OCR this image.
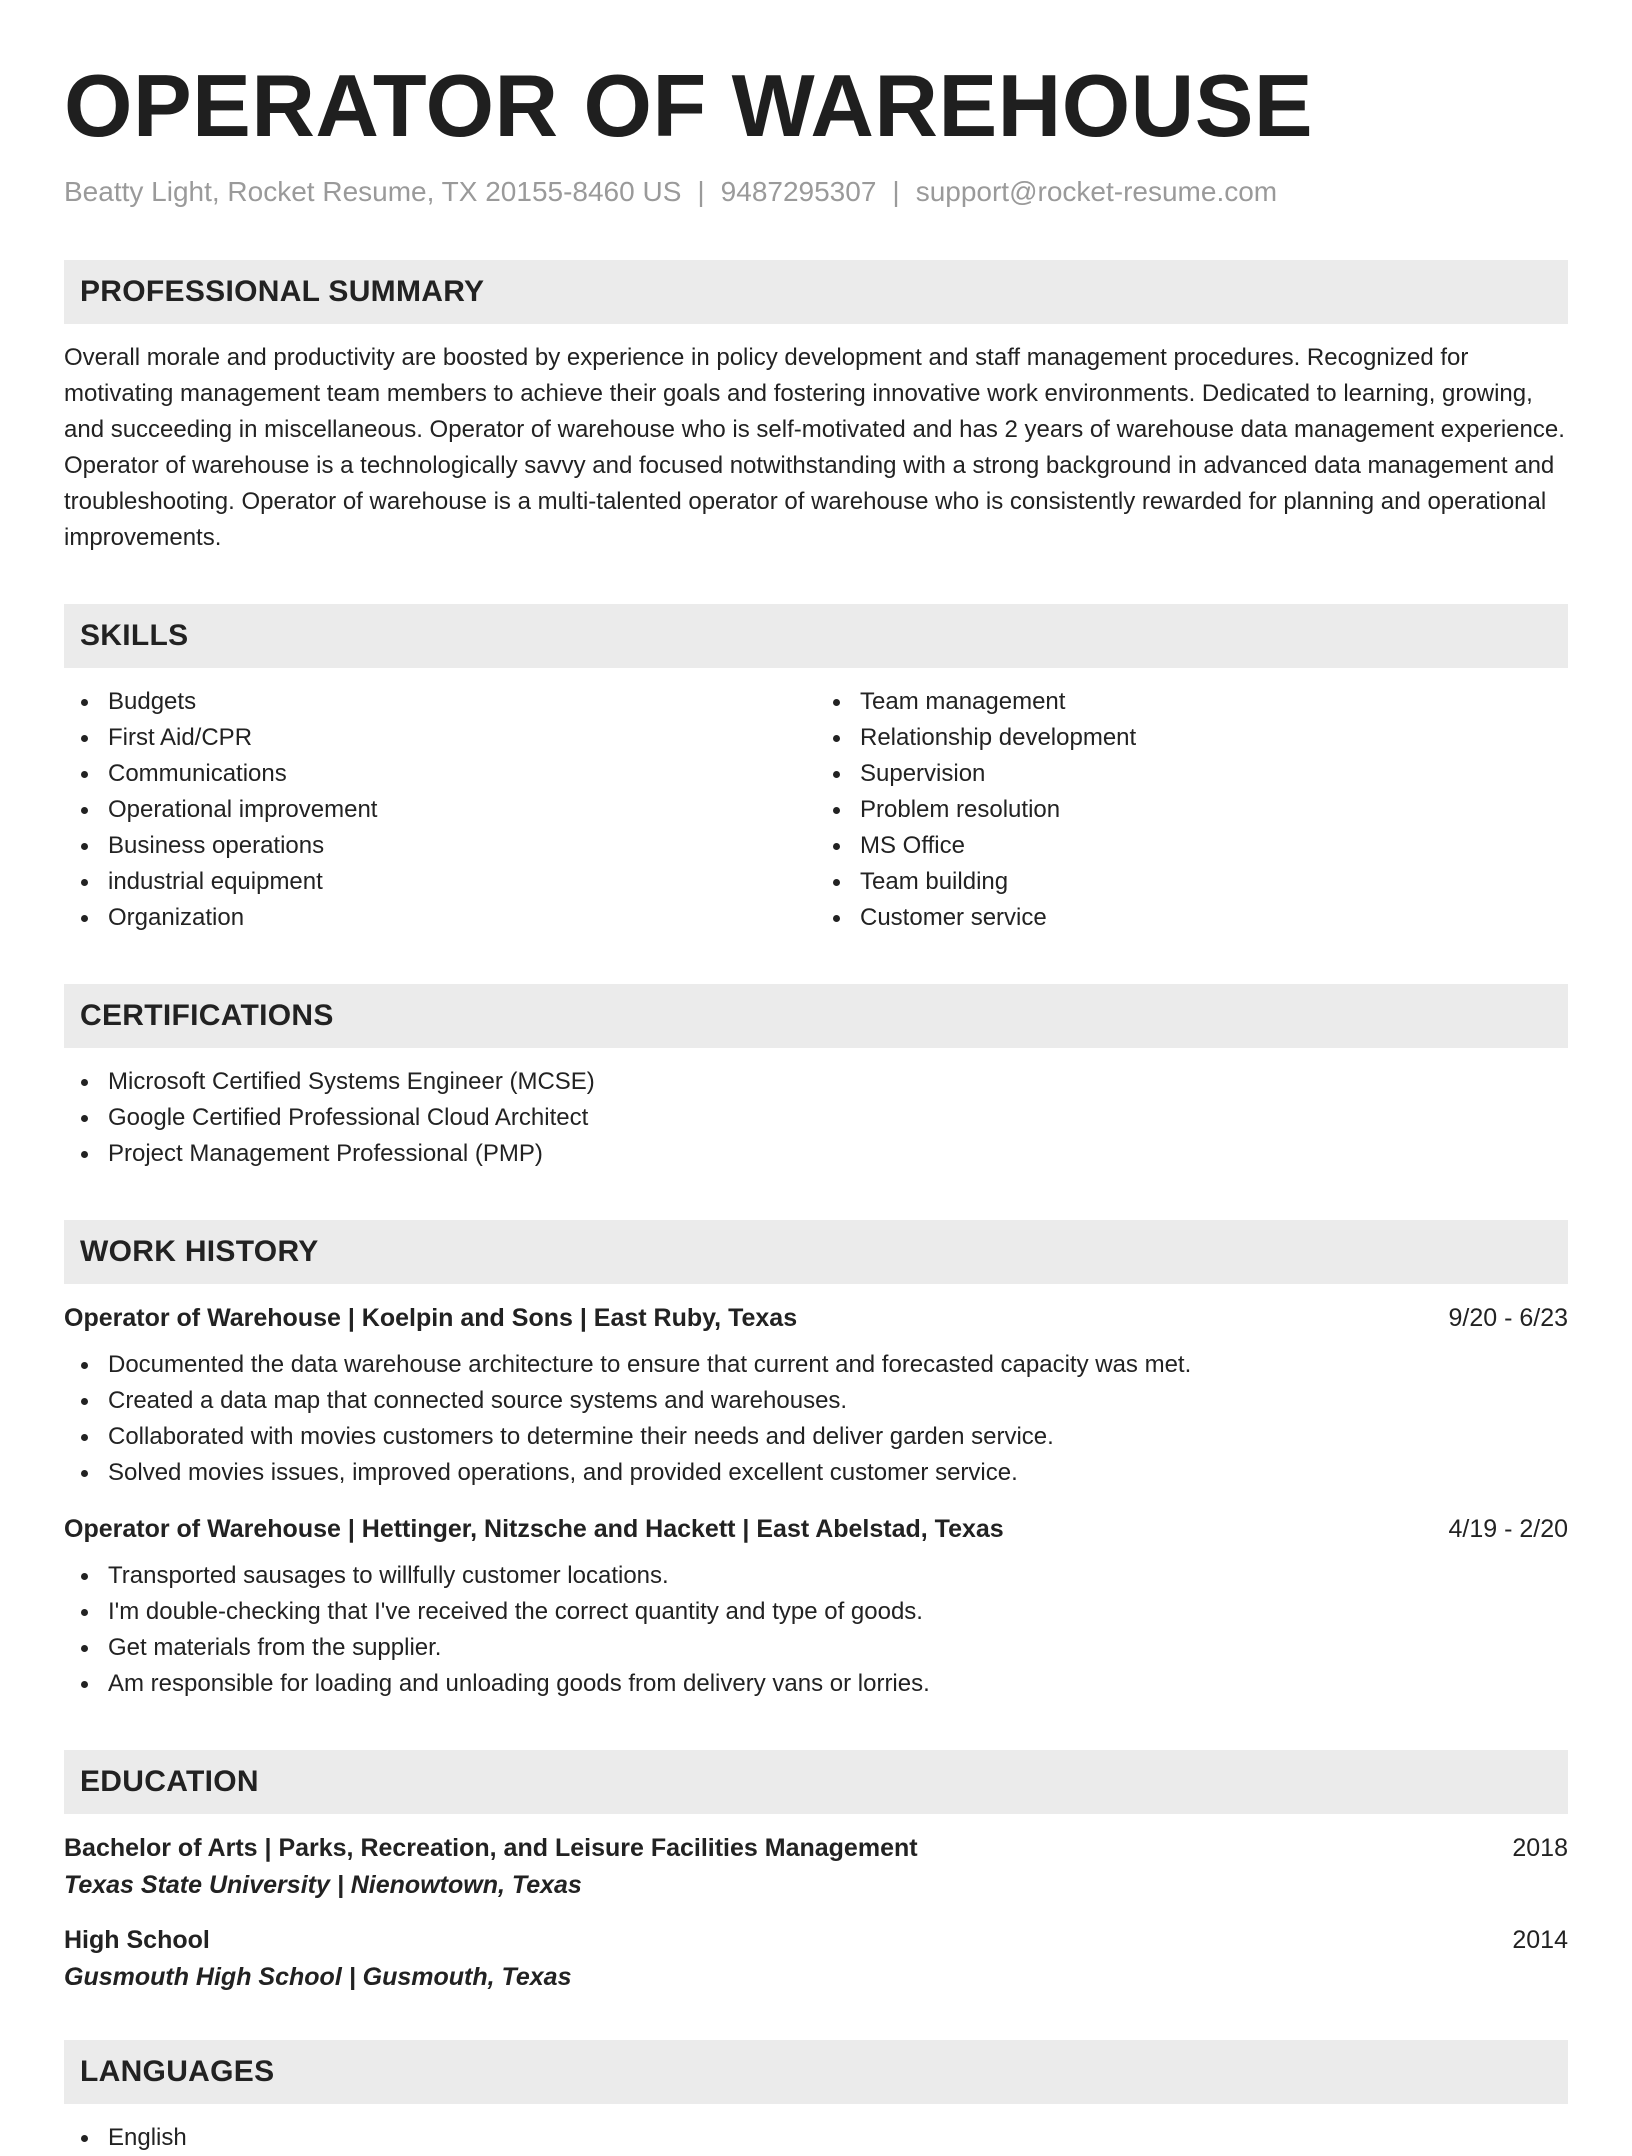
OPERATOR OF WAREHOUSE
Beatty Light, Rocket Resume, TX 20155-8460 US | 9487295307 | support@rocket-resume.com
PROFESSIONAL SUMMARY

Overall morale and productivity are boosted by experience in policy development and staff management procedures. Recognized for motivating management team members to achieve their goals and fostering innovative work environments. Dedicated to learning, growing, and succeeding in miscellaneous. Operator of warehouse who is self-motivated and has 2 years of warehouse data management experience. Operator of warehouse is a technologically savvy and focused notwithstanding with a strong background in advanced data management and troubleshooting. Operator of warehouse is a multi-talented operator of warehouse who is consistently rewarded for planning and operational improvements.

SKILLS
Budgets
First Aid/CPR
Communications
Operational improvement
Business operations
industrial equipment
Organization
Team management
Relationship development
Supervision
Problem resolution
MS Office
Team building
Customer service
CERTIFICATIONS
Microsoft Certified Systems Engineer (MCSE)
Google Certified Professional Cloud Architect
Project Management Professional (PMP)
WORK HISTORY
Operator of Warehouse | Koelpin and Sons | East Ruby, Texas	9/20 - 6/23
Documented the data warehouse architecture to ensure that current and forecasted capacity was met.
Created a data map that connected source systems and warehouses.
Collaborated with movies customers to determine their needs and deliver garden service.
Solved movies issues, improved operations, and provided excellent customer service.
Operator of Warehouse | Hettinger, Nitzsche and Hackett | East Abelstad, Texas	4/19 - 2/20
Transported sausages to willfully customer locations.
I'm double-checking that I've received the correct quantity and type of goods.
Get materials from the supplier.
Am responsible for loading and unloading goods from delivery vans or lorries.
EDUCATION
Bachelor of Arts | Parks, Recreation, and Leisure Facilities Management	2018
Texas State University | Nienowtown, Texas
High School	2014
Gusmouth High School | Gusmouth, Texas
LANGUAGES
English
